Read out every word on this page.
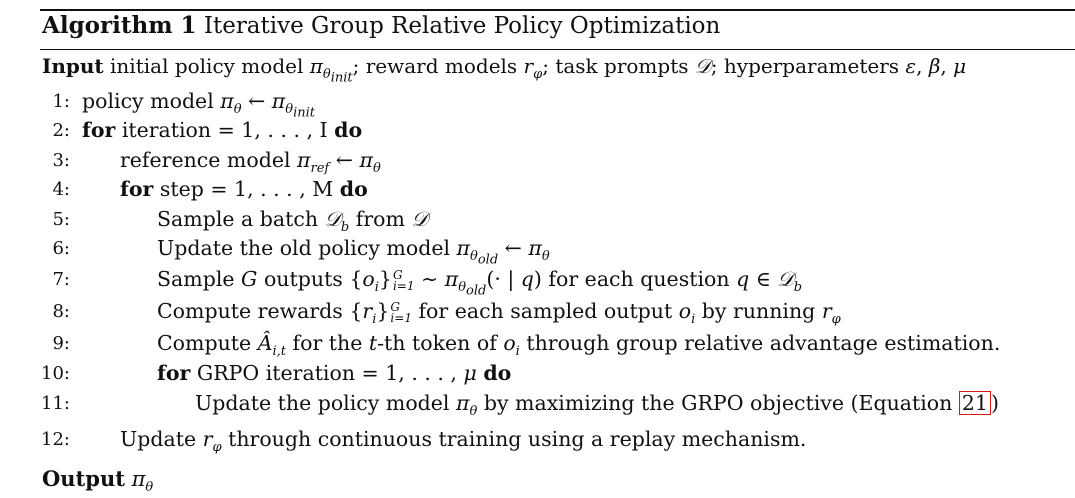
Algorithm 1 Iterative Group Relative Policy Optimization
Input initial policy model $\pi_{\theta_{init}}$; reward models $r_\varphi$; task prompts 𝒟; hyperparameters ε, β, μ
1: policy model $\pi_\theta$ ← $\pi_{\theta_{init}}$
2: for iteration = 1, . . . , I do
3: reference model $\pi_{ref}$ ← $\pi_\theta$
4: for step = 1, . . . , M do
5:	Sample a batch 𝒟$_b$ from 𝒟
6:	Update the old policy model $\pi_{\theta_{old}}$ ← $\pi_\theta$
7:	Sample G outputs $\{o_i\}G$
i=1 ∼ $\pi_{\theta_{old}}(\cdot$ | q) for each question q ∈ 𝒟$_b$
8:	Compute rewards $\{r_i\}G$
i=1 for each sampled output $o_i$ by running $r_\varphi$
9:	Compute $Â_{i,t}$ for the t-th token of $o_i$ through group relative advantage estimation.
10:	for GRPO iteration = 1, . . . , μ do
11:	Update the policy model $\pi_\theta$ by maximizing the GRPO objective (Equation 21 )
12: Update $r_\varphi$ through continuous training using a replay mechanism.
Output $\pi_\theta$
